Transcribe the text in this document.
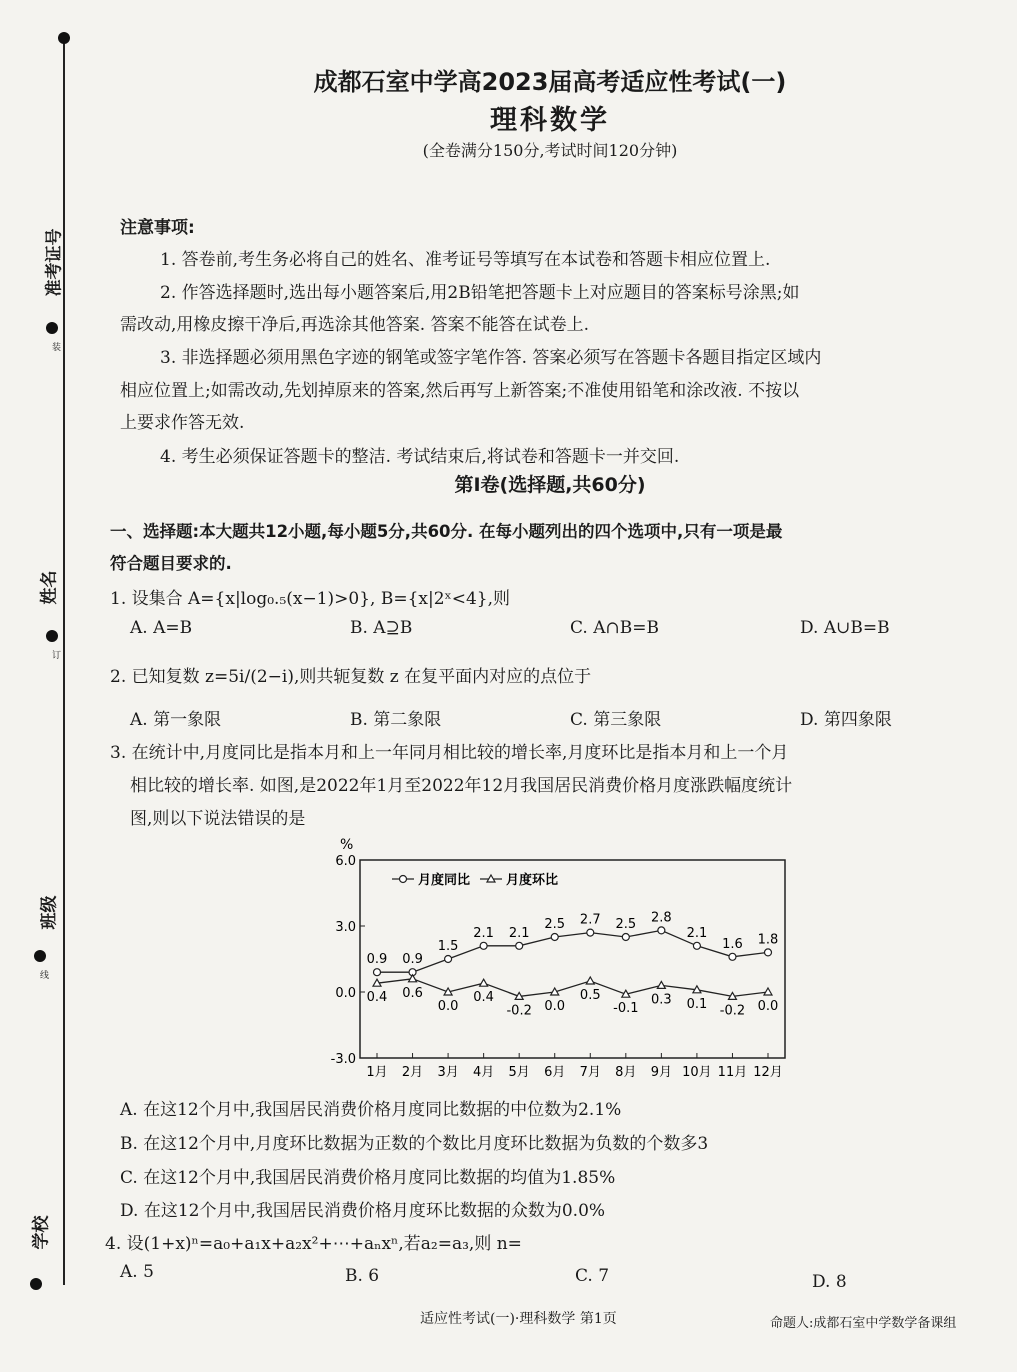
准考证号
姓名
班级
学校
装
订
线
成都石室中学高2023届高考适应性考试(一)
理科数学
(全卷满分150分,考试时间120分钟)
注意事项:
1. 答卷前,考生务必将自己的姓名、准考证号等填写在本试卷和答题卡相应位置上.
2. 作答选择题时,选出每小题答案后,用2B铅笔把答题卡上对应题目的答案标号涂黑;如
需改动,用橡皮擦干净后,再选涂其他答案. 答案不能答在试卷上.
3. 非选择题必须用黑色字迹的钢笔或签字笔作答. 答案必须写在答题卡各题目指定区域内
相应位置上;如需改动,先划掉原来的答案,然后再写上新答案;不准使用铅笔和涂改液. 不按以
上要求作答无效.
4. 考生必须保证答题卡的整洁. 考试结束后,将试卷和答题卡一并交回.
第Ⅰ卷(选择题,共60分)
一、选择题:本大题共12小题,每小题5分,共60分. 在每小题列出的四个选项中,只有一项是最
符合题目要求的.
1. 设集合 A={x|log₀.₅(x−1)>0}, B={x|2ˣ<4},则
A. A=B	B. A⊇B	C. A∩B=B	D. A∪B=B
2. 已知复数 z=5i/(2−i),则共轭复数 z 在复平面内对应的点位于
A. 第一象限	B. 第二象限	C. 第三象限	D. 第四象限
3. 在统计中,月度同比是指本月和上一年同月相比较的增长率,月度环比是指本月和上一个月
相比较的增长率. 如图,是2022年1月至2022年12月我国居民消费价格月度涨跌幅度统计
图,则以下说法错误的是
%
6.0
3.0
0.0
-3.0
1月 2月 3月 4月 5月 6月 7月 8月 9月 10月 11月 12月
月度同比	月度环比
0.9 0.9
1.5
2.1 2.1
2.5 2.7 2.5 2.8
2.1
1.6 1.8
0.4 0.6
0.0
0.4
-0.2 0.0
0.5
-0.1
0.3 0.1 -0.2 0.0
A. 在这12个月中,我国居民消费价格月度同比数据的中位数为2.1%
B. 在这12个月中,月度环比数据为正数的个数比月度环比数据为负数的个数多3
C. 在这12个月中,我国居民消费价格月度同比数据的均值为1.85%
D. 在这12个月中,我国居民消费价格月度环比数据的众数为0.0%
4. 设(1+x)ⁿ=a₀+a₁x+a₂x²+⋯+aₙxⁿ,若a₂=a₃,则 n=
A. 5	B. 6	C. 7	D. 8
适应性考试(一)·理科数学 第1页	命题人:成都石室中学数学备课组
